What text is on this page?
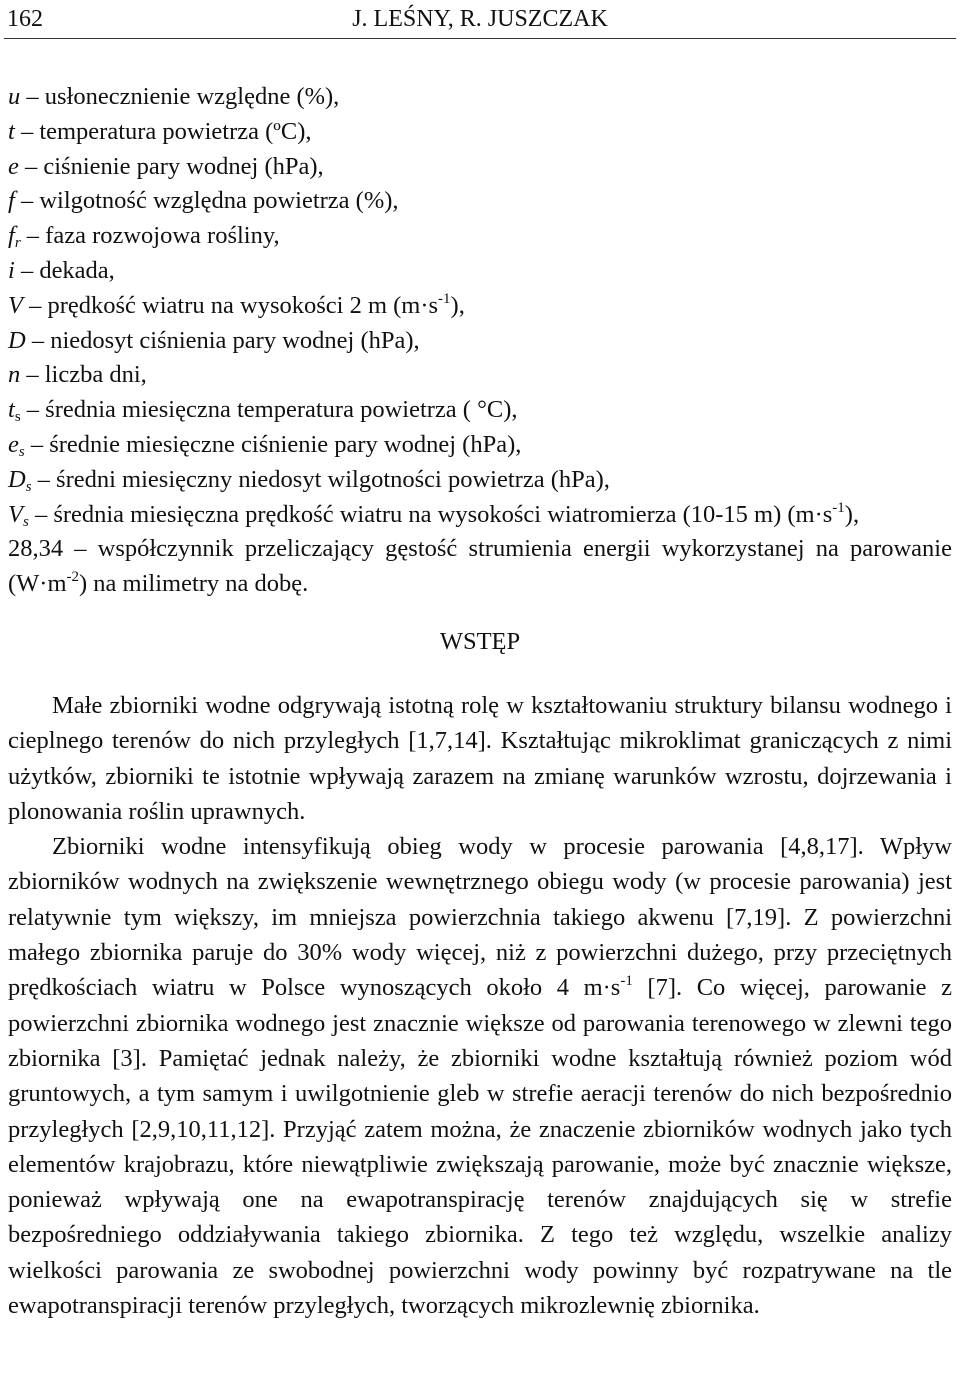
162	J. LEŚNY, R. JUSZCZAK
u – usłonecznienie względne (%),
t – temperatura powietrza (ºC),
e – ciśnienie pary wodnej (hPa),
f – wilgotność względna powietrza (%),
$f_r$ – faza rozwojowa rośliny,
i – dekada,
V – prędkość wiatru na wysokości 2 m $(m\cdot s^{-1})$,
D – niedosyt ciśnienia pary wodnej (hPa),
n – liczba dni,
$t_s$ – średnia miesięczna temperatura powietrza ( °C),
$e_s$ – średnie miesięczne ciśnienie pary wodnej (hPa),
$D_s$ – średni miesięczny niedosyt wilgotności powietrza (hPa),
$V_s$ – średnia miesięczna prędkość wiatru na wysokości wiatromierza (10-15 m) $(m\cdot s^{-1})$,
28,34 – współczynnik przeliczający gęstość strumienia energii wykorzystanej na parowanie $(W\cdot m^{-2})$ na milimetry na dobę.
WSTĘP

Małe zbiorniki wodne odgrywają istotną rolę w kształtowaniu struktury bilansu wodnego i cieplnego terenów do nich przyległych [1,7,14]. Kształtując mikroklimat graniczących z nimi użytków, zbiorniki te istotnie wpływają zarazem na zmianę warunków wzrostu, dojrzewania i plonowania roślin uprawnych.

Zbiorniki wodne intensyfikują obieg wody w procesie parowania [4,8,17]. Wpływ zbiorników wodnych na zwiększenie wewnętrznego obiegu wody (w procesie parowania) jest relatywnie tym większy, im mniejsza powierzchnia takiego akwenu [7,19]. Z powierzchni małego zbiornika paruje do 30% wody więcej, niż z powierzchni dużego, przy przeciętnych prędkościach wiatru w Polsce wynoszących około 4 $m\cdot s^{-1}$ [7]. Co więcej, parowanie z powierzchni zbiornika wodnego jest znacznie większe od parowania terenowego w zlewni tego zbiornika [3]. Pamiętać jednak należy, że zbiorniki wodne kształtują również poziom wód gruntowych, a tym samym i uwilgotnienie gleb w strefie aeracji terenów do nich bezpośrednio przyległych [2,9,10,11,12]. Przyjąć zatem można, że znaczenie zbiorników wodnych jako tych elementów krajobrazu, które niewątpliwie zwiększają parowanie, może być znacznie większe, ponieważ wpływają one na ewapotranspirację terenów znajdujących się w strefie bezpośredniego oddziaływania takiego zbiornika. Z tego też względu, wszelkie analizy wielkości parowania ze swobodnej powierzchni wody powinny być rozpatrywane na tle ewapotranspiracji terenów przyległych, tworzących mikrozlewnię zbiornika.
